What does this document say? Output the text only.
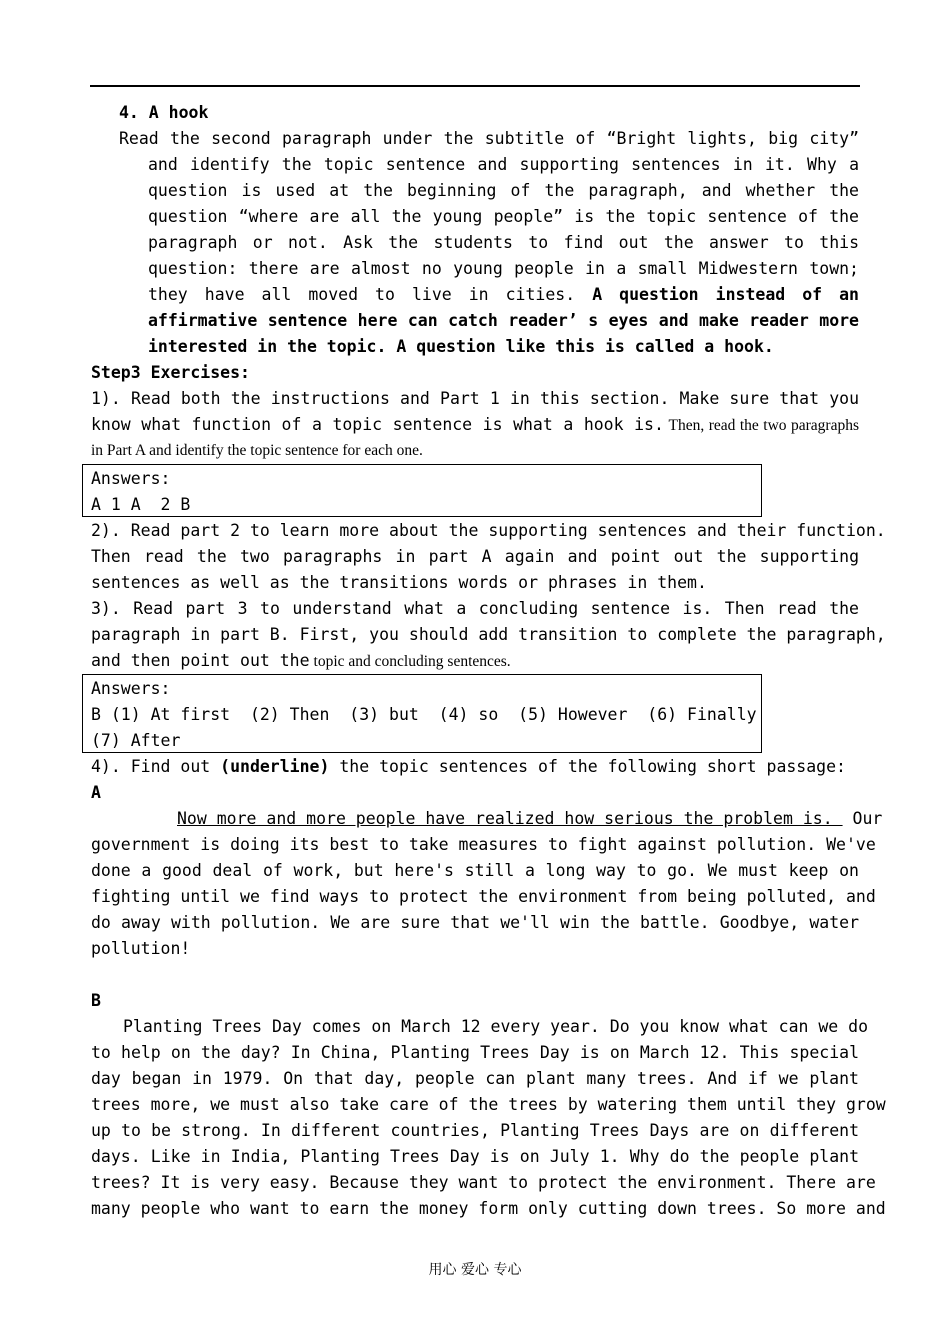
4. A hook
Read the second paragraph under the subtitle of “Bright lights, big city”
and identify the topic sentence and supporting sentences in it. Why a
question is used at the beginning of the paragraph, and whether the
question “where are all the young people” is the topic sentence of the
paragraph or not. Ask the students to find out the answer to this
question: there are almost no young people in a small Midwestern town;
they have all moved to live in cities. A question instead of an
affirmative sentence here can catch reader’ s eyes and make reader more
interested in the topic. A question like this is called a hook.
Step3 Exercises:
1). Read both the instructions and Part 1 in this section. Make sure that you
know what function of a topic sentence is what a hook is. Then, read the two paragraphs
in Part A and identify the topic sentence for each one.
Answers:
A 1 A  2 B
2). Read part 2 to learn more about the supporting sentences and their function.
Then read the two paragraphs in part A again and point out the supporting
sentences as well as the transitions words or phrases in them.
3). Read part 3 to understand what a concluding sentence is. Then read the
paragraph in part B. First, you should add transition to complete the paragraph,
and then point out the topic and concluding sentences.
Answers:
B (1) At first  (2) Then  (3) but  (4) so  (5) However  (6) Finally
(7) After
4). Find out (underline) the topic sentences of the following short passage:
A
Now more and more people have realized how serious the problem is.  Our
government is doing its best to take measures to fight against pollution. We've
done a good deal of work, but here's still a long way to go. We must keep on
fighting until we find ways to protect the environment from being polluted, and
do away with pollution. We are sure that we'll win the battle. Goodbye, water
pollution!
B
Planting Trees Day comes on March 12 every year. Do you know what can we do
to help on the day? In China, Planting Trees Day is on March 12. This special
day began in 1979. On that day, people can plant many trees. And if we plant
trees more, we must also take care of the trees by watering them until they grow
up to be strong. In different countries, Planting Trees Days are on different
days. Like in India, Planting Trees Day is on July 1. Why do the people plant
trees? It is very easy. Because they want to protect the environment. There are
many people who want to earn the money form only cutting down trees. So more and
用心 爱心 专心
